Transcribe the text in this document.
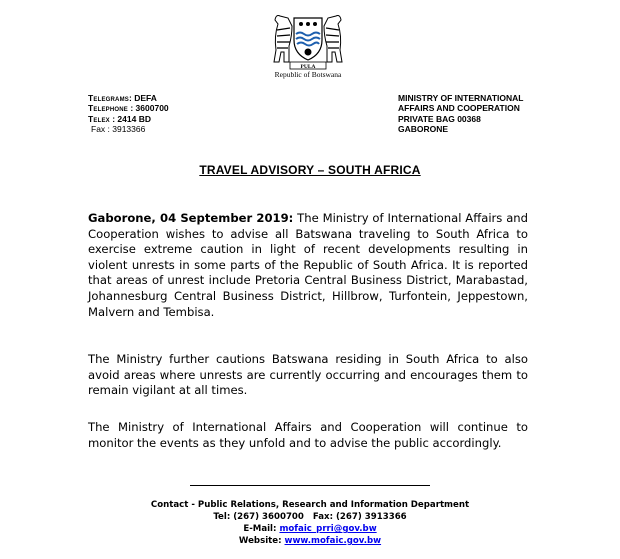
PULA
Republic of Botswana
Telegrams: DEFA
Telephone : 3600700
Telex : 2414 BD
Fax : 3913366
MINISTRY OF INTERNATIONAL
AFFAIRS AND COOPERATION
PRIVATE BAG 00368
GABORONE
TRAVEL ADVISORY – SOUTH AFRICA

Gaborone, 04 September 2019: The Ministry of International Affairs and Cooperation wishes to advise all Batswana traveling to South Africa to exercise extreme caution in light of recent developments resulting in violent unrests in some parts of the Republic of South Africa. It is reported that areas of unrest include Pretoria Central Business District, Marabastad, Johannesburg Central Business District, Hillbrow, Turfontein, Jeppestown, Malvern and Tembisa.

The Ministry further cautions Batswana residing in South Africa to also avoid areas where unrests are currently occurring and encourages them to remain vigilant at all times.

The Ministry of International Affairs and Cooperation will continue to monitor the events as they unfold and to advise the public accordingly.

Contact - Public Relations, Research and Information Department
Tel: (267) 3600700   Fax: (267) 3913366
E-Mail: mofaic_prri@gov.bw
Website: www.mofaic.gov.bw
